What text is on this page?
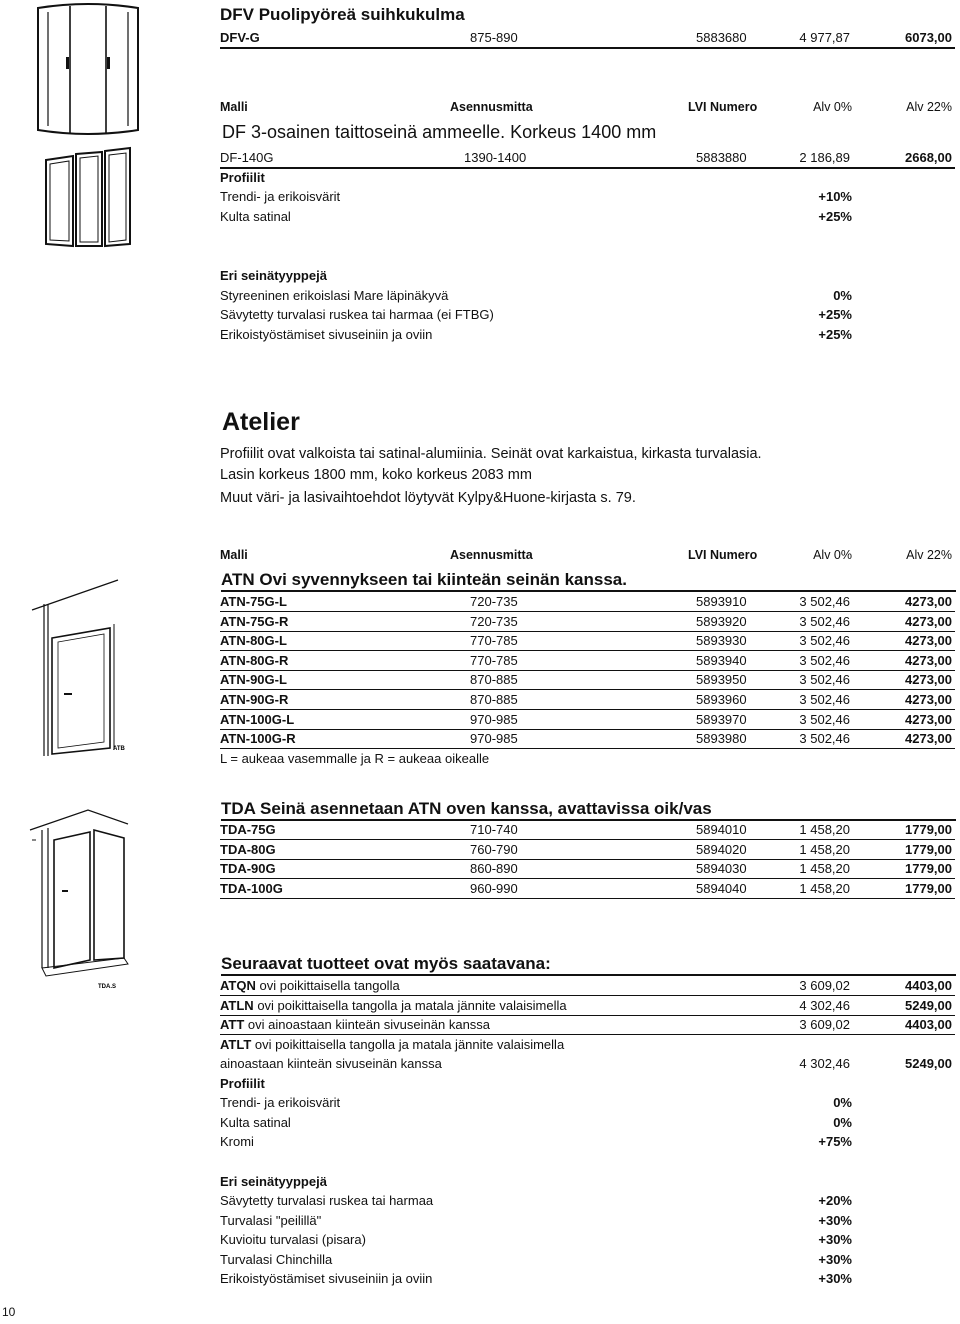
ATB
TDA.S
DFV Puolipyöreä suihkukulma
DFV-G	875-890	5883680	4 977,87	6073,00
Malli	Asennusmitta	LVI Numero	Alv 0%	Alv 22%
DF 3-osainen taittoseinä ammeelle. Korkeus 1400 mm
DF-140G	1390-1400	5883880	2 186,89	2668,00
Profiilit
Trendi- ja erikoisvärit	+10%
Kulta satinal	+25%
Eri seinätyyppejä
Styreeninen erikoislasi Mare läpinäkyvä	0%
Sävytetty turvalasi ruskea tai harmaa (ei FTBG)	+25%
Erikoistyöstämiset sivuseiniin ja oviin	+25%
Atelier
Profiilit ovat valkoista tai satinal-alumiinia. Seinät ovat karkaistua, kirkasta turvalasia.
Lasin korkeus 1800 mm, koko korkeus 2083 mm
Muut väri- ja lasivaihtoehdot löytyvät Kylpy&Huone-kirjasta s. 79.
Malli	Asennusmitta	LVI Numero	Alv 0%	Alv 22%
ATN Ovi syvennykseen tai kiinteän seinän kanssa.
ATN-75G-L	720-735	5893910	3 502,46	4273,00
ATN-75G-R	720-735	5893920	3 502,46	4273,00
ATN-80G-L	770-785	5893930	3 502,46	4273,00
ATN-80G-R	770-785	5893940	3 502,46	4273,00
ATN-90G-L	870-885	5893950	3 502,46	4273,00
ATN-90G-R	870-885	5893960	3 502,46	4273,00
ATN-100G-L	970-985	5893970	3 502,46	4273,00
ATN-100G-R	970-985	5893980	3 502,46	4273,00
L = aukeaa vasemmalle ja R = aukeaa oikealle
TDA Seinä asennetaan ATN oven kanssa, avattavissa oik/vas
TDA-75G	710-740	5894010	1 458,20	1779,00
TDA-80G	760-790	5894020	1 458,20	1779,00
TDA-90G	860-890	5894030	1 458,20	1779,00
TDA-100G	960-990	5894040	1 458,20	1779,00
Seuraavat tuotteet ovat myös saatavana:
ATQN ovi poikittaisella tangolla	3 609,02	4403,00
ATLN ovi poikittaisella tangolla ja matala jännite valaisimella	4 302,46	5249,00
ATT ovi ainoastaan kiinteän sivuseinän kanssa	3 609,02	4403,00
ATLT ovi poikittaisella tangolla ja matala jännite valaisimella
ainoastaan kiinteän sivuseinän kanssa	4 302,46	5249,00
Profiilit
Trendi- ja erikoisvärit	0%
Kulta satinal	0%
Kromi	+75%
Eri seinätyyppejä
Sävytetty turvalasi ruskea tai harmaa	+20%
Turvalasi "peilillä"	+30%
Kuvioitu turvalasi (pisara)	+30%
Turvalasi Chinchilla	+30%
Erikoistyöstämiset sivuseiniin ja oviin	+30%
10
